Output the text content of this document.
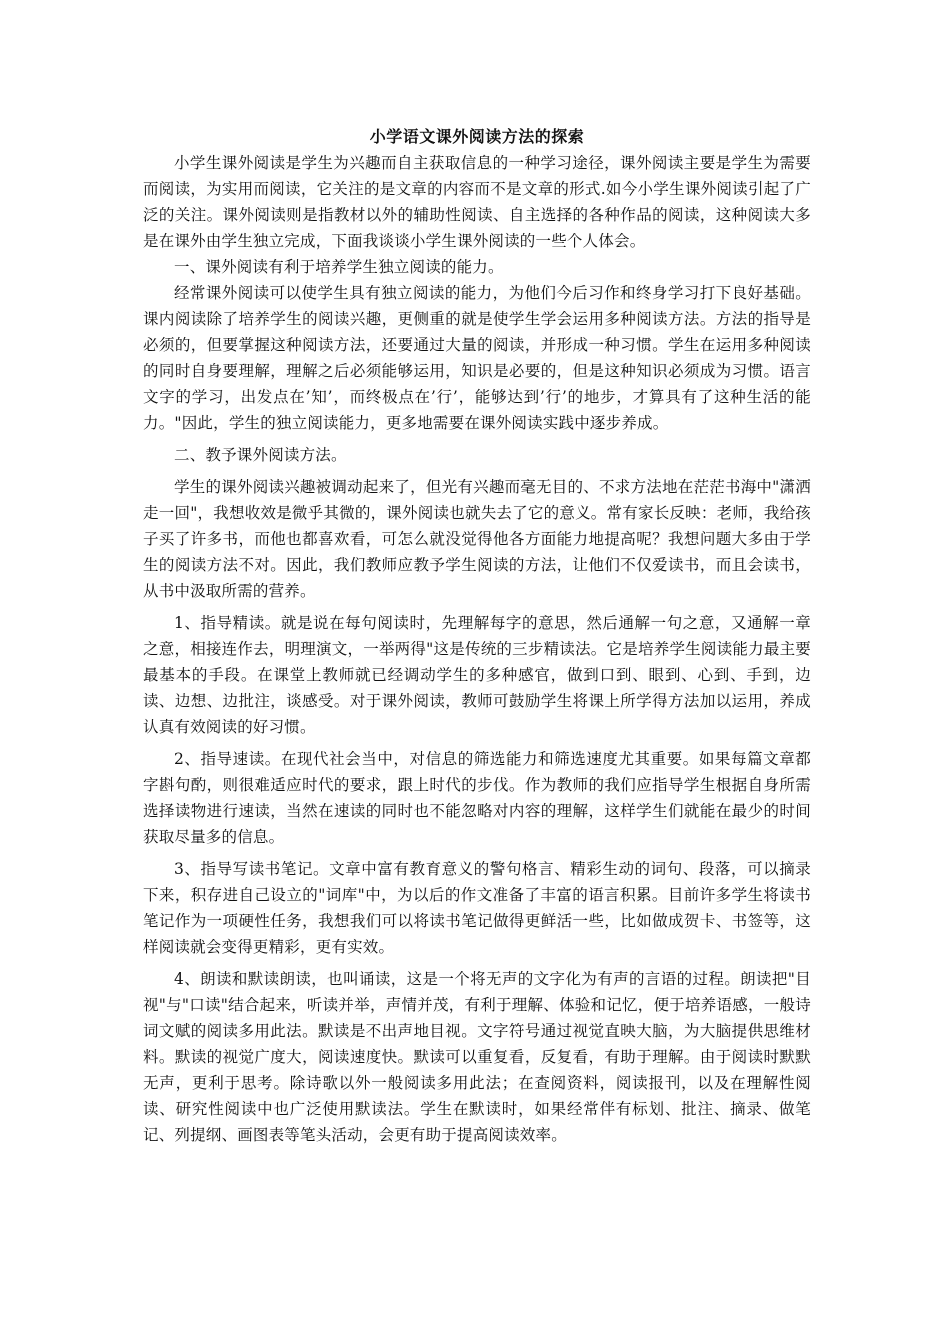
小学语文课外阅读方法的探索

小学生课外阅读是学生为兴趣而自主获取信息的一种学习途径，课外阅读主要是学生为需要而阅读，为实用而阅读，它关注的是文章的内容而不是文章的形式.如今小学生课外阅读引起了广泛的关注。课外阅读则是指教材以外的辅助性阅读、自主选择的各种作品的阅读，这种阅读大多是在课外由学生独立完成，下面我谈谈小学生课外阅读的一些个人体会。

一、课外阅读有利于培养学生独立阅读的能力。

经常课外阅读可以使学生具有独立阅读的能力，为他们今后习作和终身学习打下良好基础。课内阅读除了培养学生的阅读兴趣，更侧重的就是使学生学会运用多种阅读方法。方法的指导是必须的，但要掌握这种阅读方法，还要通过大量的阅读，并形成一种习惯。学生在运用多种阅读的同时自身要理解，理解之后必须能够运用，知识是必要的，但是这种知识必须成为习惯。语言文字的学习，出发点在’知’，而终极点在’行’，能够达到’行’的地步，才算具有了这种生活的能力。"因此，学生的独立阅读能力，更多地需要在课外阅读实践中逐步养成。

二、教予课外阅读方法。

学生的课外阅读兴趣被调动起来了，但光有兴趣而毫无目的、不求方法地在茫茫书海中"潇洒走一回"，我想收效是微乎其微的，课外阅读也就失去了它的意义。常有家长反映：老师，我给孩子买了许多书，而他也都喜欢看，可怎么就没觉得他各方面能力地提高呢？我想问题大多由于学生的阅读方法不对。因此，我们教师应教予学生阅读的方法，让他们不仅爱读书，而且会读书，从书中汲取所需的营养。

1、指导精读。就是说在每句阅读时，先理解每字的意思，然后通解一句之意，又通解一章之意，相接连作去，明理演文，一举两得"这是传统的三步精读法。它是培养学生阅读能力最主要最基本的手段。在课堂上教师就已经调动学生的多种感官，做到口到、眼到、心到、手到，边读、边想、边批注，谈感受。对于课外阅读，教师可鼓励学生将课上所学得方法加以运用，养成认真有效阅读的好习惯。

2、指导速读。在现代社会当中，对信息的筛选能力和筛选速度尤其重要。如果每篇文章都字斟句酌，则很难适应时代的要求，跟上时代的步伐。作为教师的我们应指导学生根据自身所需选择读物进行速读，当然在速读的同时也不能忽略对内容的理解，这样学生们就能在最少的时间获取尽量多的信息。

3、指导写读书笔记。文章中富有教育意义的警句格言、精彩生动的词句、段落，可以摘录下来，积存进自己设立的"词库"中，为以后的作文准备了丰富的语言积累。目前许多学生将读书笔记作为一项硬性任务，我想我们可以将读书笔记做得更鲜活一些，比如做成贺卡、书签等，这样阅读就会变得更精彩，更有实效。

4、朗读和默读朗读，也叫诵读，这是一个将无声的文字化为有声的言语的过程。朗读把"目视"与"口读"结合起来，听读并举，声情并茂，有利于理解、体验和记忆，便于培养语感，一般诗词文赋的阅读多用此法。默读是不出声地目视。文字符号通过视觉直映大脑，为大脑提供思维材料。默读的视觉广度大，阅读速度快。默读可以重复看，反复看，有助于理解。由于阅读时默默无声，更利于思考。除诗歌以外一般阅读多用此法；在查阅资料，阅读报刊，以及在理解性阅读、研究性阅读中也广泛使用默读法。学生在默读时，如果经常伴有标划、批注、摘录、做笔记、列提纲、画图表等笔头活动，会更有助于提高阅读效率。
